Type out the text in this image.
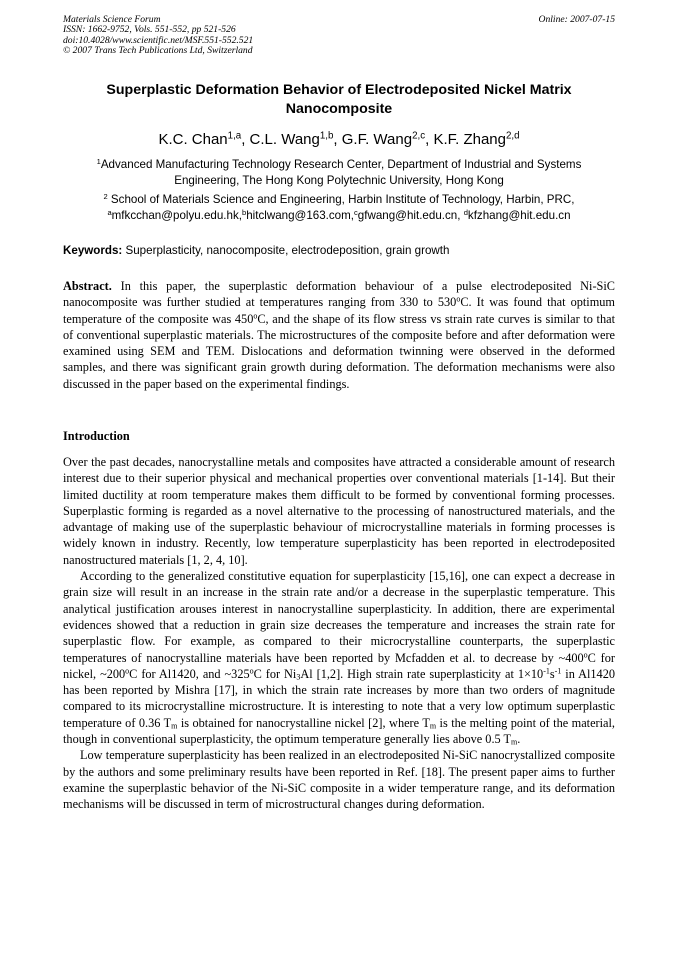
Materials Science Forum
ISSN: 1662-9752, Vols. 551-552, pp 521-526
doi:10.4028/www.scientific.net/MSF.551-552.521
© 2007 Trans Tech Publications Ltd, Switzerland
Online: 2007-07-15
Superplastic Deformation Behavior of Electrodeposited Nickel Matrix Nanocomposite
K.C. Chan$^{1,a}$, C.L. Wang$^{1,b}$, G.F. Wang$^{2,c}$, K.F. Zhang$^{2,d}$
$^1$Advanced Manufacturing Technology Research Center, Department of Industrial and Systems Engineering, The Hong Kong Polytechnic University, Hong Kong
$^2$ School of Materials Science and Engineering, Harbin Institute of Technology, Harbin, PRC,
$^a$mfkcchan@polyu.edu.hk,$^b$hitclwang@163.com,$^c$gfwang@hit.edu.cn, $^d$kfzhang@hit.edu.cn
Keywords: Superplasticity, nanocomposite, electrodeposition, grain growth
Abstract. In this paper, the superplastic deformation behaviour of a pulse electrodeposited Ni-SiC nanocomposite was further studied at temperatures ranging from 330 to 530$^o$C. It was found that optimum temperature of the composite was 450$^o$C, and the shape of its flow stress vs strain rate curves is similar to that of conventional superplastic materials. The microstructures of the composite before and after deformation were examined using SEM and TEM. Dislocations and deformation twinning were observed in the deformed samples, and there was significant grain growth during deformation. The deformation mechanisms were also discussed in the paper based on the experimental findings.
Introduction

Over the past decades, nanocrystalline metals and composites have attracted a considerable amount of research interest due to their superior physical and mechanical properties over conventional materials [1-14]. But their limited ductility at room temperature makes them difficult to be formed by conventional forming processes. Superplastic forming is regarded as a novel alternative to the processing of nanostructured materials, and the advantage of making use of the superplastic behaviour of microcrystalline materials in forming processes is widely known in industry. Recently, low temperature superplasticity has been reported in electrodeposited nanostructured materials [1, 2, 4, 10].

According to the generalized constitutive equation for superplasticity [15,16], one can expect a decrease in grain size will result in an increase in the strain rate and/or a decrease in the superplastic temperature. This analytical justification arouses interest in nanocrystalline superplasticity. In addition, there are experimental evidences showed that a reduction in grain size decreases the temperature and increases the strain rate for superplastic flow. For example, as compared to their microcrystalline counterparts, the superplastic temperatures of nanocrystalline materials have been reported by Mcfadden et al. to decrease by ~400$^o$C for nickel, ~200$^o$C for Al1420, and ~325$^o$C for $Ni_3Al$ [1,2]. High strain rate superplasticity at $1\times 10^{-1}s^{-1}$ in Al1420 has been reported by Mishra [17], in which the strain rate increases by more than two orders of magnitude compared to its microcrystalline microstructure. It is interesting to note that a very low optimum superplastic temperature of 0.36 $T_m$ is obtained for nanocrystalline nickel [2], where $T_m$ is the melting point of the material, though in conventional superplasticity, the optimum temperature generally lies above 0.5 $T_m$.

Low temperature superplasticity has been realized in an electrodeposited Ni-SiC nanocrystallized composite by the authors and some preliminary results have been reported in Ref. [18]. The present paper aims to further examine the superplastic behavior of the Ni-SiC composite in a wider temperature range, and its deformation mechanisms will be discussed in term of microstructural changes during deformation.
